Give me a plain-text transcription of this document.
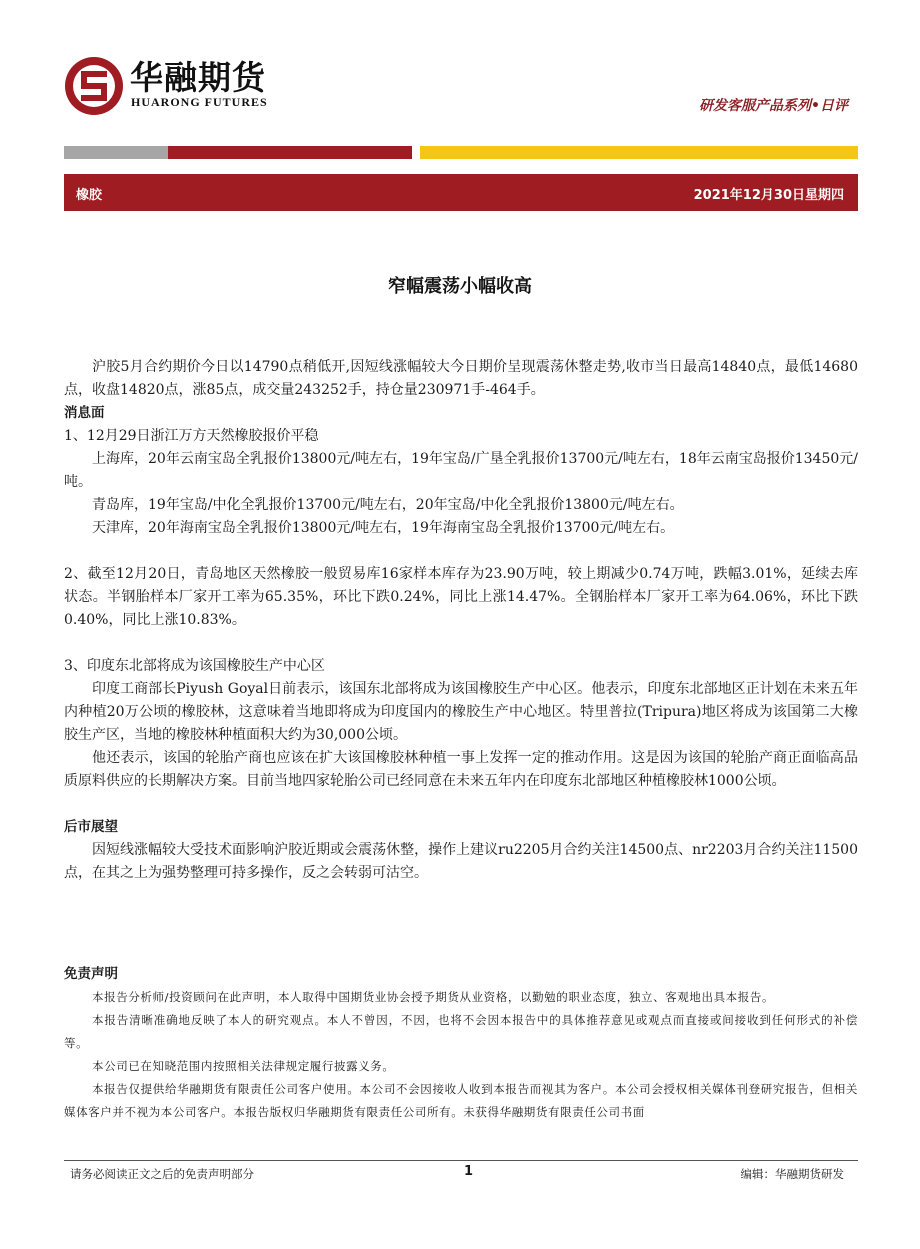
华融期货
HUARONG FUTURES	研发客服产品系列•日评
橡胶	2021年12月30日星期四
窄幅震荡小幅收高

沪胶5月合约期价今日以14790点稍低开,因短线涨幅较大今日期价呈现震荡休整走势,收市当日最高14840点，最低14680点，收盘14820点，涨85点，成交量243252手，持仓量230971手-464手。

消息面

1、12月29日浙江万方天然橡胶报价平稳

上海库，20年云南宝岛全乳报价13800元/吨左右，19年宝岛/广垦全乳报价13700元/吨左右，18年云南宝岛报价13450元/吨。

青岛库，19年宝岛/中化全乳报价13700元/吨左右，20年宝岛/中化全乳报价13800元/吨左右。

天津库，20年海南宝岛全乳报价13800元/吨左右，19年海南宝岛全乳报价13700元/吨左右。

2、截至12月20日，青岛地区天然橡胶一般贸易库16家样本库存为23.90万吨，较上期减少0.74万吨，跌幅3.01%，延续去库状态。半钢胎样本厂家开工率为65.35%，环比下跌0.24%，同比上涨14.47%。全钢胎样本厂家开工率为64.06%，环比下跌0.40%，同比上涨10.83%。

3、印度东北部将成为该国橡胶生产中心区

印度工商部长Piyush Goyal日前表示，该国东北部将成为该国橡胶生产中心区。他表示，印度东北部地区正计划在未来五年内种植20万公顷的橡胶林，这意味着当地即将成为印度国内的橡胶生产中心地区。特里普拉(Tripura)地区将成为该国第二大橡胶生产区，当地的橡胶林种植面积大约为30,000公顷。

他还表示，该国的轮胎产商也应该在扩大该国橡胶林种植一事上发挥一定的推动作用。这是因为该国的轮胎产商正面临高品质原料供应的长期解决方案。目前当地四家轮胎公司已经同意在未来五年内在印度东北部地区种植橡胶林1000公顷。

后市展望

因短线涨幅较大受技术面影响沪胶近期或会震荡休整，操作上建议ru2205月合约关注14500点、nr2203月合约关注11500点，在其之上为强势整理可持多操作，反之会转弱可沽空。

免责声明

本报告分析师/投资顾问在此声明，本人取得中国期货业协会授予期货从业资格，以勤勉的职业态度，独立、客观地出具本报告。

本报告清晰准确地反映了本人的研究观点。本人不曾因，不因，也将不会因本报告中的具体推荐意见或观点而直接或间接收到任何形式的补偿等。

本公司已在知晓范围内按照相关法律规定履行披露义务。

本报告仅提供给华融期货有限责任公司客户使用。本公司不会因接收人收到本报告而视其为客户。本公司会授权相关媒体刊登研究报告，但相关媒体客户并不视为本公司客户。本报告版权归华融期货有限责任公司所有。未获得华融期货有限责任公司书面

请务必阅读正文之后的免责声明部分	1	编辑：华融期货研发
